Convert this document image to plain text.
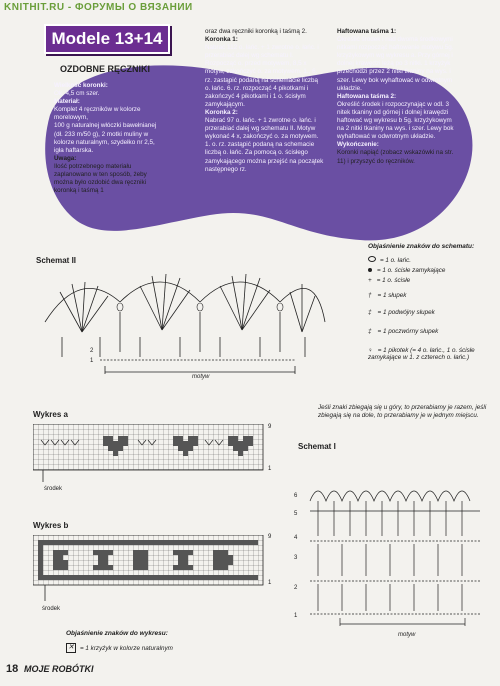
KNITHIT.RU - ФОРУМЫ О ВЯЗАНИИ
Modele 13+14
OZDOBNE RĘCZNIKI
Wielkość koronki:
Ok. 4,5 cm szer.
Materiał:
Komplet 4 ręczników w kolorze morelowym,
100 g naturalnej włóczki bawełnianej (dł. 233 m/50 g), 2 motki muliny w kolorze naturalnym, szydełko nr 2,5, igła haftarska.
Uwaga:
Ilość potrzebnego materiału zaplanowano w ten sposób, żeby można było ozdobić dwa ręczniki koronką i taśmą 1
oraz dwa ręczniki koronką i taśmą 2.
Koronka 1:
Nabrać 112 o. łańc. + 1 zwrotne o. łańc. i przerabiać dalej wg schematu I. Rozpocząć o. przed motywem, 8,5 x motyw, zakończyć o. za motywem. 1., 6. rz. zastąpić podaną na schemacie liczbą o. łańc. 6. rz. rozpocząć 4 pikotkami i zakończyć 4 pikotkami i 1 o. ścisłym zamykającym.
Koronka 2:
Nabrać 97 o. łańc. + 1 zwrotne o. łańc. i przerabiać dalej wg schematu II. Motyw wykonać 4 x, zakończyć o. za motywem. 1. o. rz. zastąpić podaną na schemacie liczbą o. łańc. Za pomocą o. ścisłego zamykającego można przejść na początek następnego rz.
Haftowana taśma 1:
Określić środek i nad dwoma środkowymi nitkami rozpocząć haftowanie motywu 5g. krzyżykowym wg wykresu a. Przy górnej i dolnej krawędzi leżą po 3 nitki. 1 krzyżyk przechodzi przez 2 nitki tkaniny na wys. i szer. Lewy bok wyhaftować w odwrotnym układzie.
Haftowana taśma 2:
Określić środek i rozpoczynając w odl. 3 nitek tkaniny od górnej i dolnej krawędzi haftować wg wykresu b 5g. krzyżykowym na 2 nitki tkaniny na wys. i szer. Lewy bok wyhaftować w odwrotnym układzie.
Wykończenie:
Koronki napiąć (zobacz wskazówki na str. 11) i przyszyć do ręczników.
Schemat II
2
1
motyw
Objaśnienie znaków do schematu:
= 1 o. łańc.
= 1 o. ścisłe zamykające
+ = 1 o. ścisłe
† = 1 słupek
‡ = 1 podwójny słupek
‡ = 1 poczwórny słupek
♀ = 1 pikotek (= 4 o. łańc., 1 o. ścisłe zamykające w 1. z czterech o. łańc.)
Jeśli znaki zbiegają się u góry, to przerabiamy je razem, jeśli zbiegają się na dole, to przerabiamy je w jednym miejscu.
Wykres a
9
1
środek
Wykres b
9
1
środek
Schemat I
6
5
4
3
2
1
motyw
Objaśnienie znaków do wykresu:
✕ = 1 krzyżyk w kolorze naturalnym
18 MOJE ROBÓTKI
